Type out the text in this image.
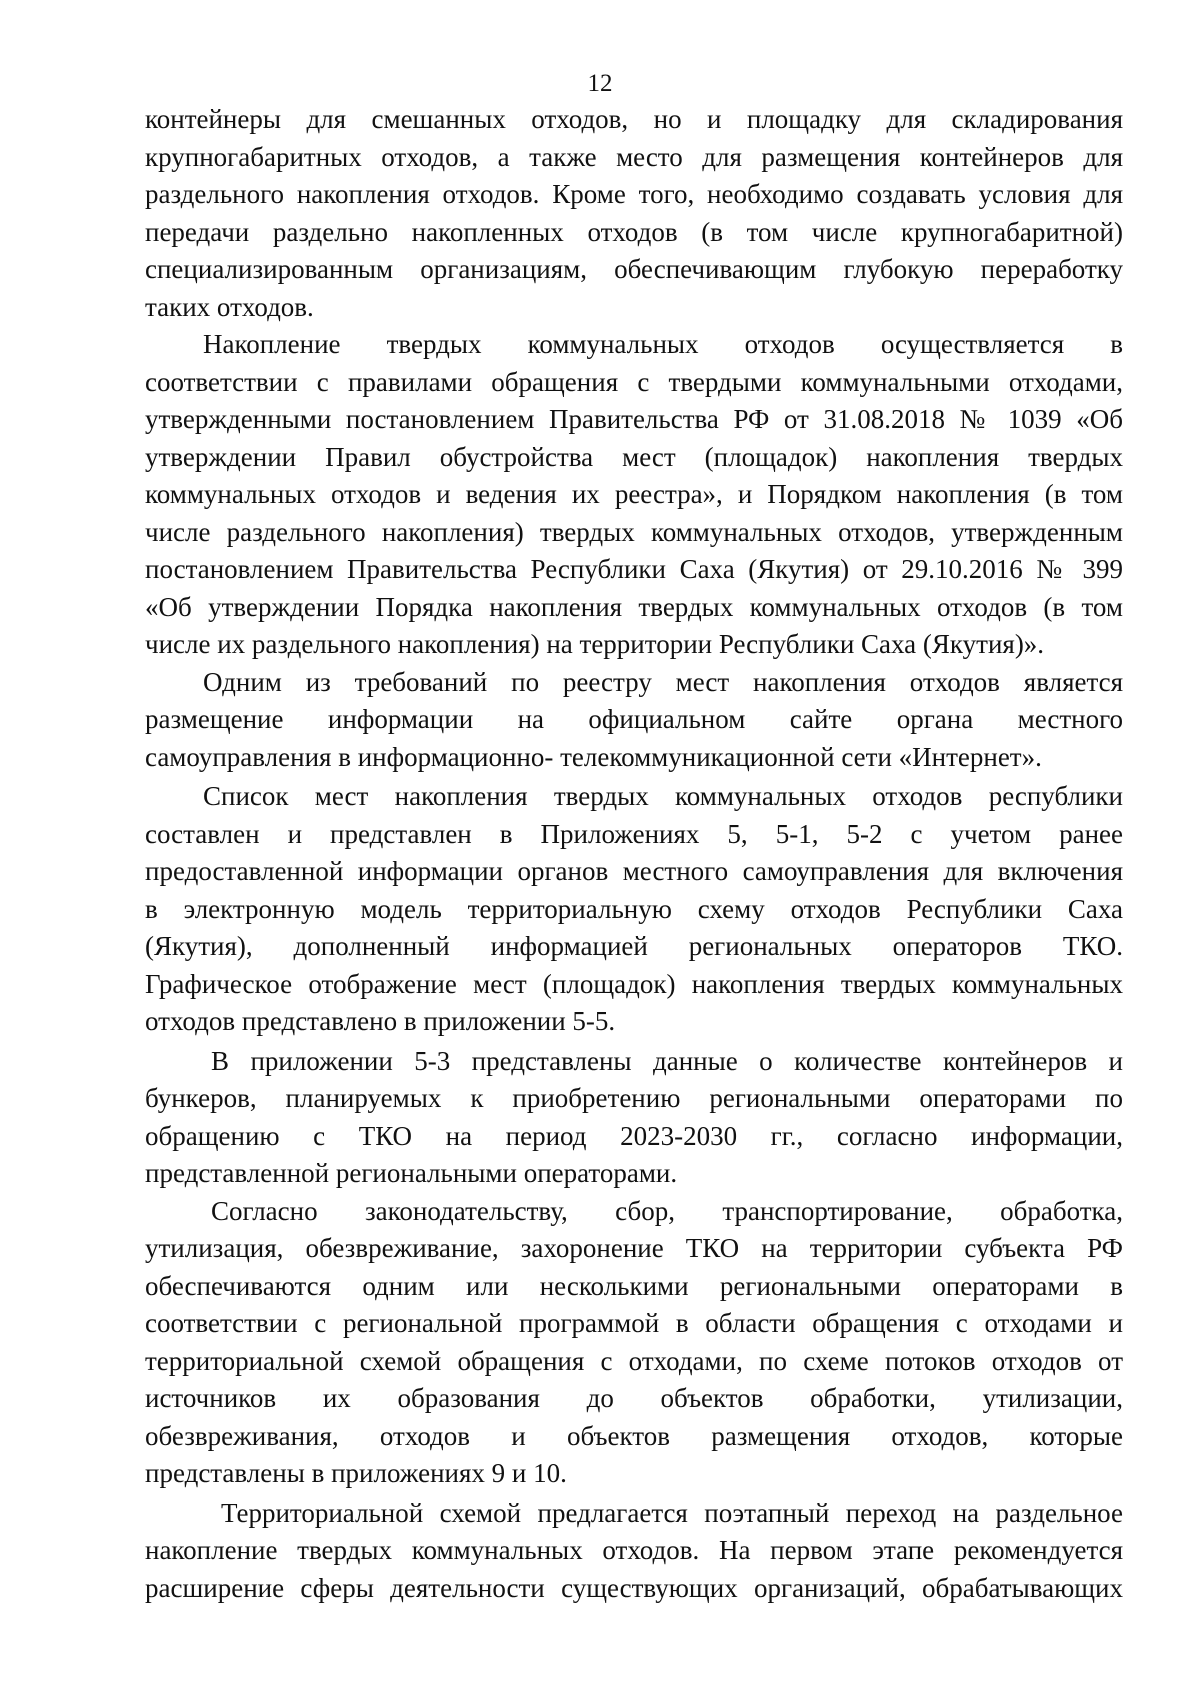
12
контейнеры для смешанных отходов, но и площадку для складирования
крупногабаритных отходов, а также место для размещения контейнеров для
раздельного накопления отходов. Кроме того, необходимо создавать условия для
передачи раздельно накопленных отходов (в том числе крупногабаритной)
специализированным организациям, обеспечивающим глубокую переработку
таких отходов.
Накопление твердых коммунальных отходов осуществляется в
соответствии с правилами обращения с твердыми коммунальными отходами,
утвержденными постановлением Правительства РФ от 31.08.2018 № 1039 «Об
утверждении Правил обустройства мест (площадок) накопления твердых
коммунальных отходов и ведения их реестра», и Порядком накопления (в том
числе раздельного накопления) твердых коммунальных отходов, утвержденным
постановлением Правительства Республики Саха (Якутия) от 29.10.2016 № 399
«Об утверждении Порядка накопления твердых коммунальных отходов (в том
числе их раздельного накопления) на территории Республики Саха (Якутия)».
Одним из требований по реестру мест накопления отходов является
размещение информации на официальном сайте органа местного
самоуправления в информационно- телекоммуникационной сети «Интернет».
Список мест накопления твердых коммунальных отходов республики
составлен и представлен в Приложениях 5, 5-1, 5-2 с учетом ранее
предоставленной информации органов местного самоуправления для включения
в электронную модель территориальную схему отходов Республики Саха
(Якутия), дополненный информацией региональных операторов ТКО.
Графическое отображение мест (площадок) накопления твердых коммунальных
отходов представлено в приложении 5-5.
В приложении 5-3 представлены данные о количестве контейнеров и
бункеров, планируемых к приобретению региональными операторами по
обращению с ТКО на период 2023-2030 гг., согласно информации,
представленной региональными операторами.
Согласно законодательству, сбор, транспортирование, обработка,
утилизация, обезвреживание, захоронение ТКО на территории субъекта РФ
обеспечиваются одним или несколькими региональными операторами в
соответствии с региональной программой в области обращения с отходами и
территориальной схемой обращения с отходами, по схеме потоков отходов от
источников их образования до объектов обработки, утилизации,
обезвреживания, отходов и объектов размещения отходов, которые
представлены в приложениях 9 и 10.
Территориальной схемой предлагается поэтапный переход на раздельное
накопление твердых коммунальных отходов. На первом этапе рекомендуется
расширение сферы деятельности существующих организаций, обрабатывающих
